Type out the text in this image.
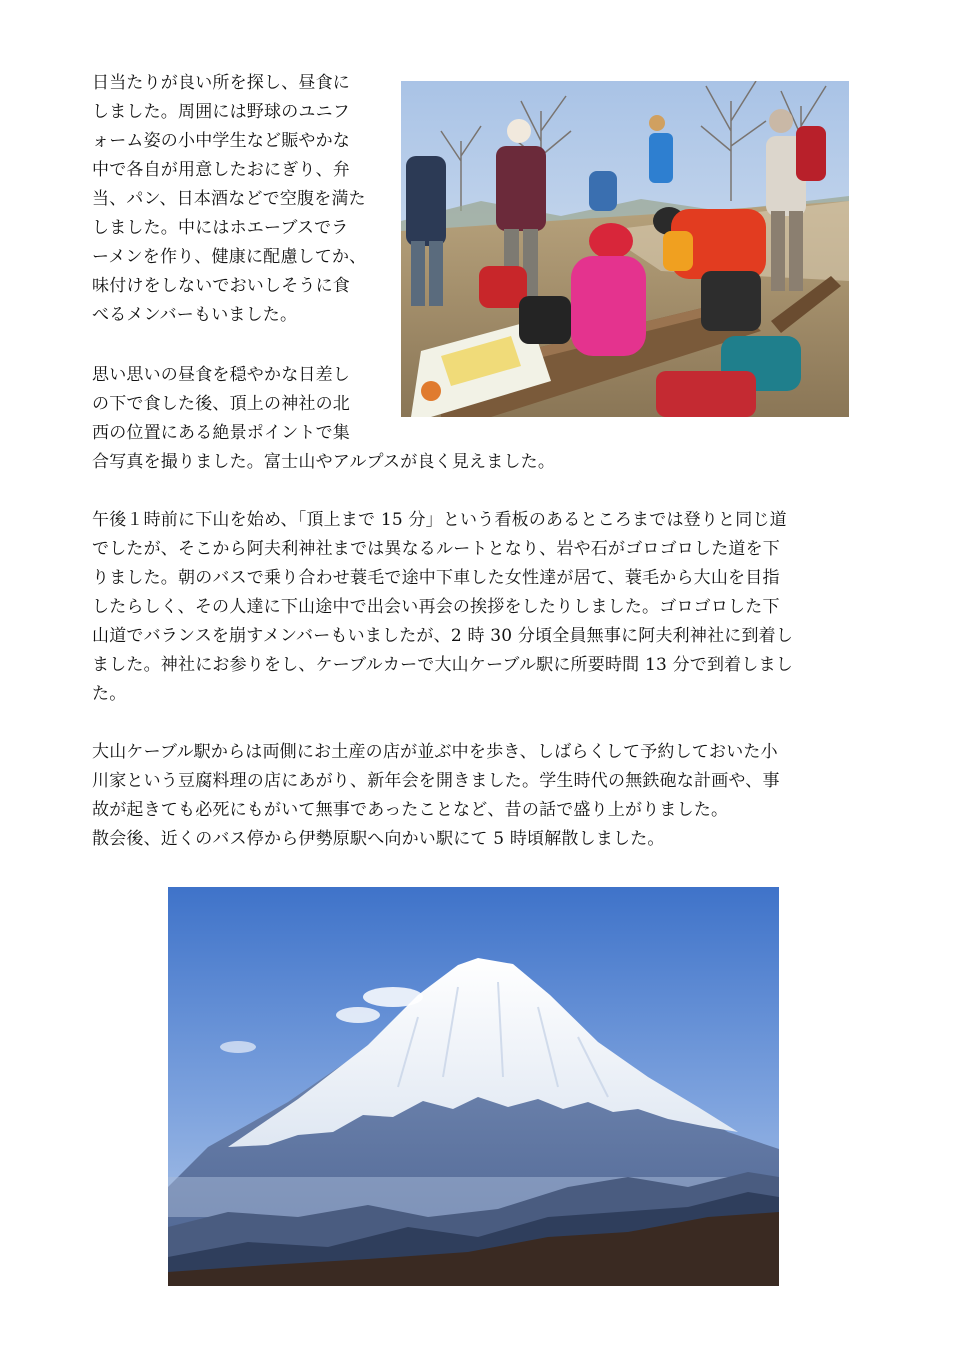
日当たりが良い所を探し、昼食に
しました。周囲には野球のユニフ
ォーム姿の小中学生など賑やかな
中で各自が用意したおにぎり、弁
当、パン、日本酒などで空腹を満た
しました。中にはホエーブスでラ
ーメンを作り、健康に配慮してか、
味付けをしないでおいしそうに食
べるメンバーもいました。

思い思いの昼食を穏やかな日差し
の下で食した後、頂上の神社の北
西の位置にある絶景ポイントで集
合写真を撮りました。富士山やアルプスが良く見えました。

午後１時前に下山を始め、「頂上まで 15 分」という看板のあるところまでは登りと同じ道
でしたが、そこから阿夫利神社までは異なるルートとなり、岩や石がゴロゴロした道を下
りました。朝のバスで乗り合わせ蓑毛で途中下車した女性達が居て、蓑毛から大山を目指
したらしく、その人達に下山途中で出会い再会の挨拶をしたりしました。ゴロゴロした下
山道でバランスを崩すメンバーもいましたが、2 時 30 分頃全員無事に阿夫利神社に到着し
ました。神社にお参りをし、ケーブルカーで大山ケーブル駅に所要時間 13 分で到着しまし
た。

大山ケーブル駅からは両側にお土産の店が並ぶ中を歩き、しばらくして予約しておいた小
川家という豆腐料理の店にあがり、新年会を開きました。学生時代の無鉄砲な計画や、事
故が起きても必死にもがいて無事であったことなど、昔の話で盛り上がりました。
散会後、近くのバス停から伊勢原駅へ向かい駅にて 5 時頃解散しました。
